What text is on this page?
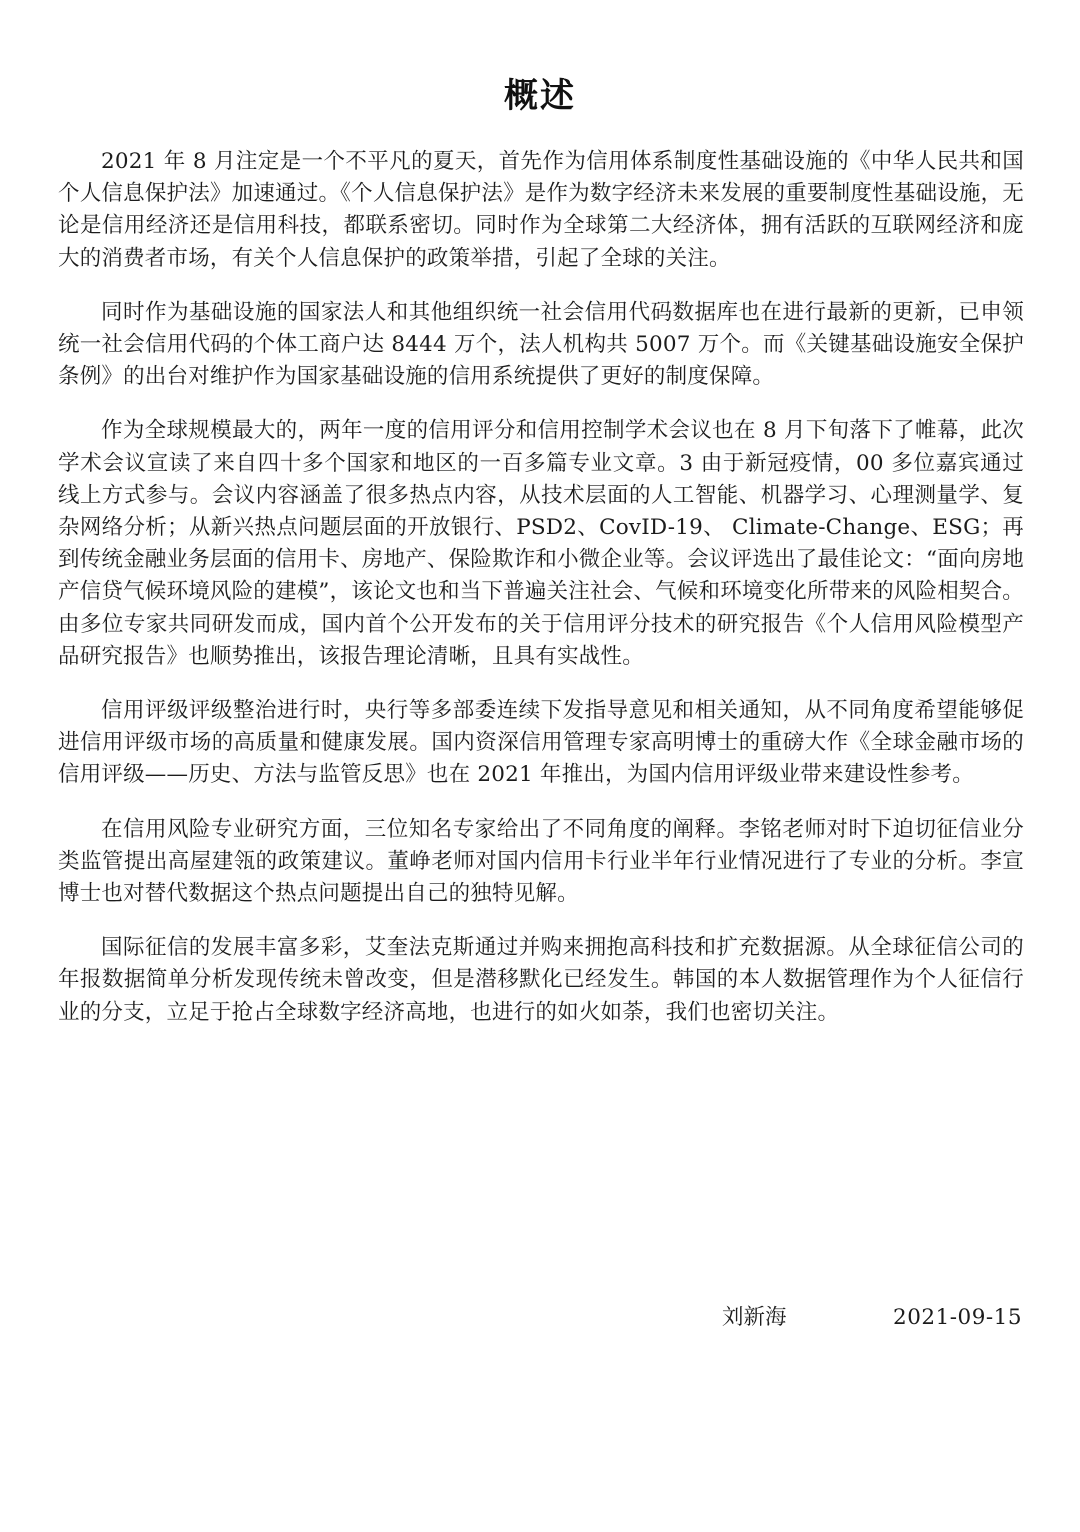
概述

2021 年 8 月注定是一个不平凡的夏天，首先作为信用体系制度性基础设施的《中华人民共和国个人信息保护法》加速通过。《个人信息保护法》是作为数字经济未来发展的重要制度性基础设施，无论是信用经济还是信用科技，都联系密切。同时作为全球第二大经济体，拥有活跃的互联网经济和庞大的消费者市场，有关个人信息保护的政策举措，引起了全球的关注。

同时作为基础设施的国家法人和其他组织统一社会信用代码数据库也在进行最新的更新，已申领统一社会信用代码的个体工商户达 8444 万个，法人机构共 5007 万个。而《关键基础设施安全保护条例》的出台对维护作为国家基础设施的信用系统提供了更好的制度保障。

作为全球规模最大的，两年一度的信用评分和信用控制学术会议也在 8 月下旬落下了帷幕，此次学术会议宣读了来自四十多个国家和地区的一百多篇专业文章。3 由于新冠疫情，00 多位嘉宾通过线上方式参与。会议内容涵盖了很多热点内容，从技术层面的人工智能、机器学习、心理测量学、复杂网络分析；从新兴热点问题层面的开放银行、PSD2、CovID-19、 Climate-Change、ESG；再到传统金融业务层面的信用卡、房地产、保险欺诈和小微企业等。会议评选出了最佳论文：“面向房地产信贷气候环境风险的建模”，该论文也和当下普遍关注社会、气候和环境变化所带来的风险相契合。由多位专家共同研发而成，国内首个公开发布的关于信用评分技术的研究报告《个人信用风险模型产品研究报告》也顺势推出，该报告理论清晰，且具有实战性。

信用评级评级整治进行时，央行等多部委连续下发指导意见和相关通知，从不同角度希望能够促进信用评级市场的高质量和健康发展。国内资深信用管理专家高明博士的重磅大作《全球金融市场的信用评级——历史、方法与监管反思》也在 2021 年推出，为国内信用评级业带来建设性参考。

在信用风险专业研究方面，三位知名专家给出了不同角度的阐释。李铭老师对时下迫切征信业分类监管提出高屋建瓴的政策建议。董峥老师对国内信用卡行业半年行业情况进行了专业的分析。李宣博士也对替代数据这个热点问题提出自己的独特见解。

国际征信的发展丰富多彩，艾奎法克斯通过并购来拥抱高科技和扩充数据源。从全球征信公司的年报数据简单分析发现传统未曾改变，但是潜移默化已经发生。韩国的本人数据管理作为个人征信行业的分支，立足于抢占全球数字经济高地，也进行的如火如荼，我们也密切关注。

刘新海	2021-09-15
